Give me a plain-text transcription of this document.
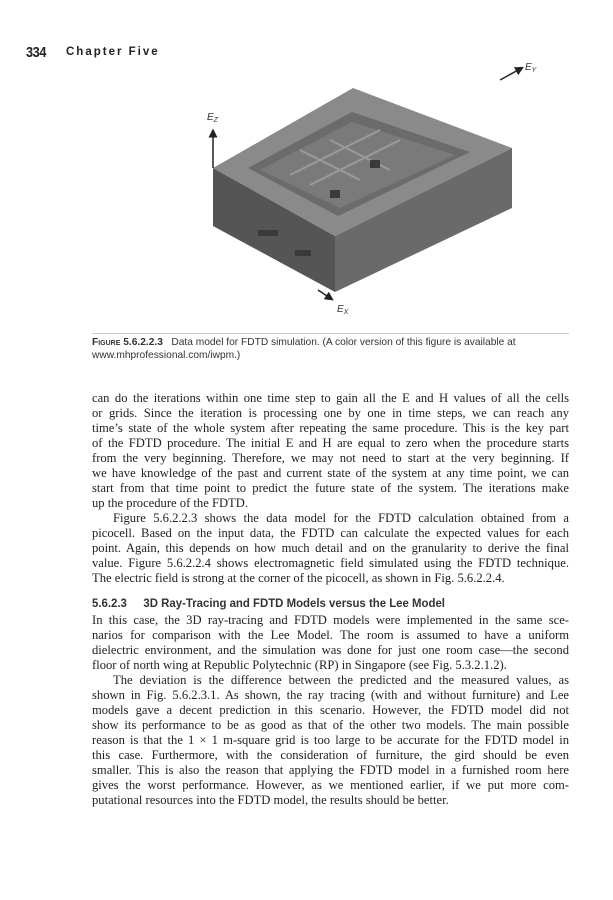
334 Chapter Five
$E_Z$
$E_Y$
$E_X$
Figure 5.6.2.2.3 Data model for FDTD simulation. (A color version of this figure is available at
www.mhprofessional.com/iwpm.)
can do the iterations within one time step to gain all the E and H values of all the cells
or grids. Since the iteration is processing one by one in time steps, we can reach any
time’s state of the whole system after repeating the same procedure. This is the key part
of the FDTD procedure. The initial E and H are equal to zero when the procedure starts
from the very beginning. Therefore, we may not need to start at the very beginning. If
we have knowledge of the past and current state of the system at any time point, we can
start from that time point to predict the future state of the system. The iterations make
up the procedure of the FDTD.
Figure 5.6.2.2.3 shows the data model for the FDTD calculation obtained from a
picocell. Based on the input data, the FDTD can calculate the expected values for each
point. Again, this depends on how much detail and on the granularity to derive the final
value. Figure 5.6.2.2.4 shows electromagnetic field simulated using the FDTD technique.
The electric field is strong at the corner of the picocell, as shown in Fig. 5.6.2.2.4.
5.6.2.3 3D Ray-Tracing and FDTD Models versus the Lee Model
In this case, the 3D ray-tracing and FDTD models were implemented in the same sce-
narios for comparison with the Lee Model. The room is assumed to have a uniform
dielectric environment, and the simulation was done for just one room case—the second
floor of north wing at Republic Polytechnic (RP) in Singapore (see Fig. 5.3.2.1.2).
The deviation is the difference between the predicted and the measured values, as
shown in Fig. 5.6.2.3.1. As shown, the ray tracing (with and without furniture) and Lee
models gave a decent prediction in this scenario. However, the FDTD model did not
show its performance to be as good as that of the other two models. The main possible
reason is that the 1 × 1 m-square grid is too large to be accurate for the FDTD model in
this case. Furthermore, with the consideration of furniture, the gird should be even
smaller. This is also the reason that applying the FDTD model in a furnished room here
gives the worst performance. However, as we mentioned earlier, if we put more com-
putational resources into the FDTD model, the results should be better.
